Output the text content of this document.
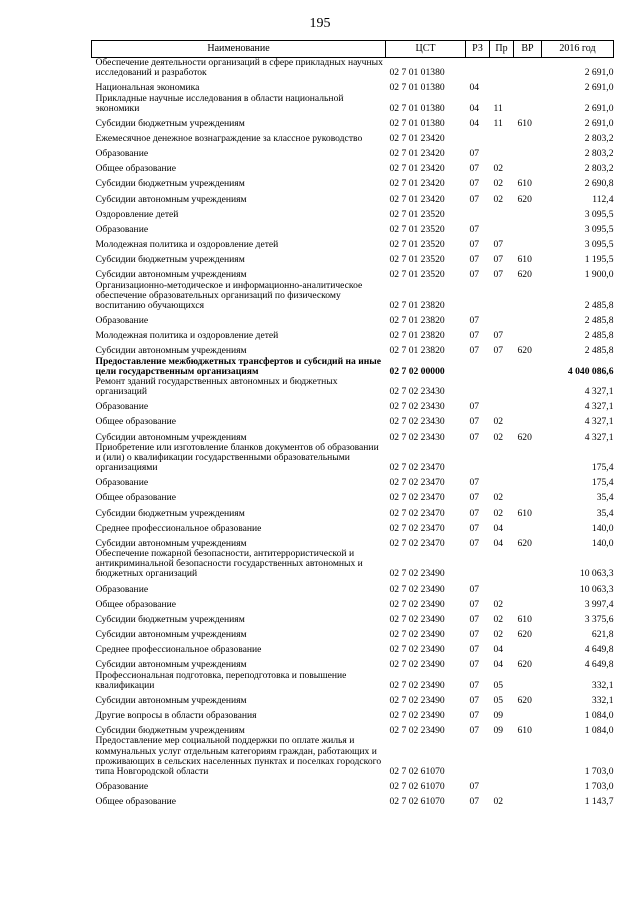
195
Наименование	ЦСТ	РЗ	Пр	ВР	2016 год
Обеспечение деятельности организаций в сфере прикладных научных исследований и разработок	02 7 01 01380				2 691,0
Национальная экономика	02 7 01 01380	04			2 691,0
Прикладные научные исследования в области национальной экономики	02 7 01 01380	04	11		2 691,0
Субсидии бюджетным учреждениям	02 7 01 01380	04	11	610	2 691,0
Ежемесячное денежное вознаграждение за классное руководство	02 7 01 23420				2 803,2
Образование	02 7 01 23420	07			2 803,2
Общее образование	02 7 01 23420	07	02		2 803,2
Субсидии бюджетным учреждениям	02 7 01 23420	07	02	610	2 690,8
Субсидии автономным учреждениям	02 7 01 23420	07	02	620	112,4
Оздоровление детей	02 7 01 23520				3 095,5
Образование	02 7 01 23520	07			3 095,5
Молодежная политика и оздоровление детей	02 7 01 23520	07	07		3 095,5
Субсидии бюджетным учреждениям	02 7 01 23520	07	07	610	1 195,5
Субсидии автономным учреждениям	02 7 01 23520	07	07	620	1 900,0
Организационно-методическое и информационно-аналитическое обеспечение образовательных организаций по физическому воспитанию обучающихся	02 7 01 23820				2 485,8
Образование	02 7 01 23820	07			2 485,8
Молодежная политика и оздоровление детей	02 7 01 23820	07	07		2 485,8
Субсидии автономным учреждениям	02 7 01 23820	07	07	620	2 485,8
Предоставление межбюджетных трансфертов и субсидий на иные цели государственным организациям	02 7 02 00000				4 040 086,6
Ремонт зданий государственных автономных и бюджетных организаций	02 7 02 23430				4 327,1
Образование	02 7 02 23430	07			4 327,1
Общее образование	02 7 02 23430	07	02		4 327,1
Субсидии автономным учреждениям	02 7 02 23430	07	02	620	4 327,1
Приобретение или изготовление бланков документов об образовании и (или) о квалификации государственными образовательными организациями	02 7 02 23470				175,4
Образование	02 7 02 23470	07			175,4
Общее образование	02 7 02 23470	07	02		35,4
Субсидии бюджетным учреждениям	02 7 02 23470	07	02	610	35,4
Среднее профессиональное образование	02 7 02 23470	07	04		140,0
Субсидии автономным учреждениям	02 7 02 23470	07	04	620	140,0
Обеспечение пожарной безопасности, антитеррористической и антикриминальной безопасности государственных автономных и бюджетных организаций	02 7 02 23490				10 063,3
Образование	02 7 02 23490	07			10 063,3
Общее образование	02 7 02 23490	07	02		3 997,4
Субсидии бюджетным учреждениям	02 7 02 23490	07	02	610	3 375,6
Субсидии автономным учреждениям	02 7 02 23490	07	02	620	621,8
Среднее профессиональное образование	02 7 02 23490	07	04		4 649,8
Субсидии автономным учреждениям	02 7 02 23490	07	04	620	4 649,8
Профессиональная подготовка, переподготовка и повышение квалификации	02 7 02 23490	07	05		332,1
Субсидии автономным учреждениям	02 7 02 23490	07	05	620	332,1
Другие вопросы в области образования	02 7 02 23490	07	09		1 084,0
Субсидии бюджетным учреждениям	02 7 02 23490	07	09	610	1 084,0
Предоставление мер социальной поддержки по оплате жилья и коммунальных услуг отдельным категориям граждан, работающих и проживающих в сельских населенных пунктах и поселках городского типа Новгородской области	02 7 02 61070				1 703,0
Образование	02 7 02 61070	07			1 703,0
Общее образование	02 7 02 61070	07	02		1 143,7
